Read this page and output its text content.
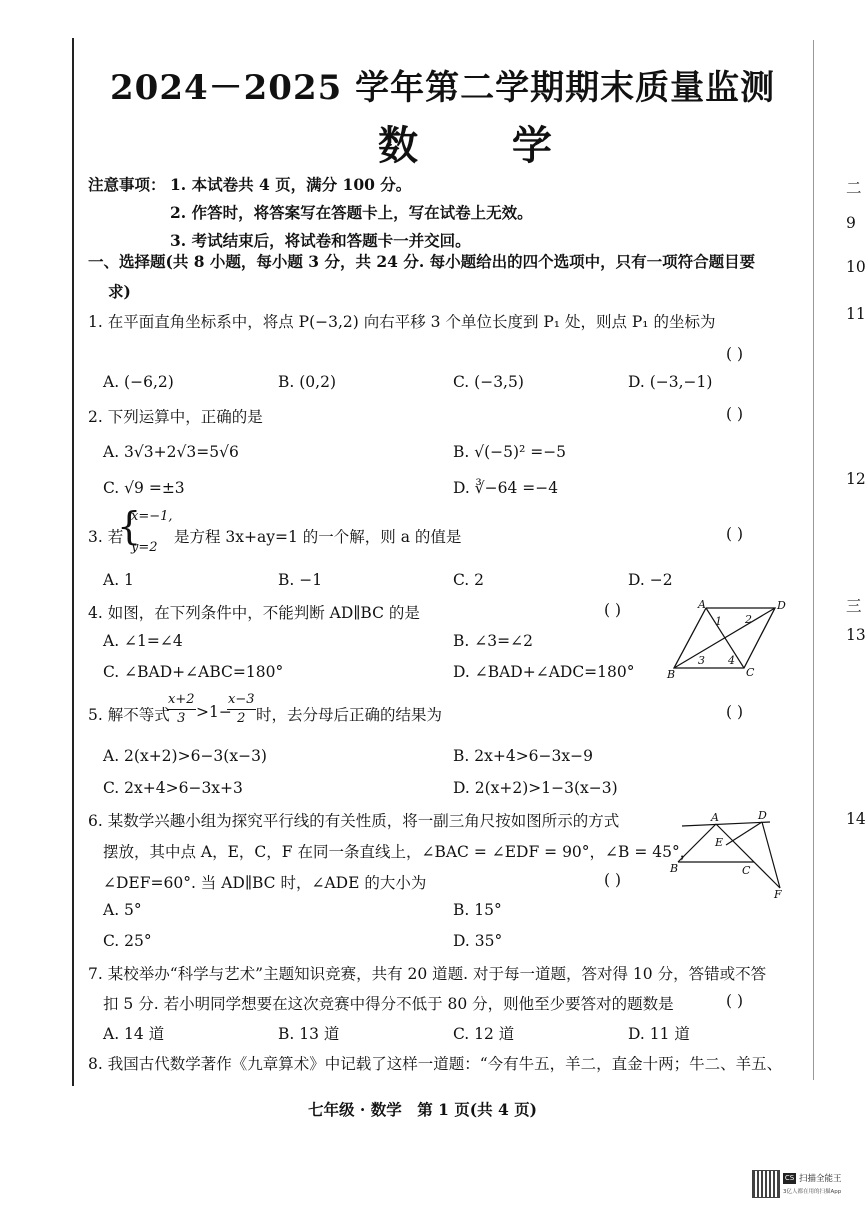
2024－2025 学年第二学期期末质量监测
数 学
注意事项： 1. 本试卷共 4 页，满分 100 分。
2. 作答时，将答案写在答题卡上，写在试卷上无效。
3. 考试结束后，将试卷和答题卡一并交回。
一、选择题(共 8 小题，每小题 3 分，共 24 分. 每小题给出的四个选项中，只有一项符合题目要
求)
1. 在平面直角坐标系中，将点 P(−3,2) 向右平移 3 个单位长度到 P₁ 处，则点 P₁ 的坐标为
( )
A. (−6,2)	B. (0,2)	C. (−3,5)	D. (−3,−1)
2. 下列运算中，正确的是	( )
A. 3√3+2√3=5√6	B. √(−5)² =−5
C. √9 =±3	D. ∛−64 =−4
3. 若
{
x=−1,
y=2
是方程 3x+ay=1 的一个解，则 a 的值是	( )
A. 1	B. −1	C. 2	D. −2
4. 如图，在下列条件中，不能判断 AD∥BC 的是	( )
A. ∠1=∠4	B. ∠3=∠2
C. ∠BAD+∠ABC=180°	D. ∠BAD+∠ADC=180°
A	D
B	C
1 2
3 4
5. 解不等式
$\frac{x+2}{3} >1-$
$\frac{x-3}{2}$ 时，去分母后正确的结果为	( )
A. 2(x+2)>6−3(x−3)	B. 2x+4>6−3x−9
C. 2x+4>6−3x+3	D. 2(x+2)>1−3(x−3)
6. 某数学兴趣小组为探究平行线的有关性质，将一副三角尺按如图所示的方式
摆放，其中点 A，E，C，F 在同一条直线上，∠BAC = ∠EDF = 90°，∠B = 45°，
∠DEF=60°. 当 AD∥BC 时，∠ADE 的大小为	( )
A. 5°	B. 15°
C. 25°	D. 35°
A	D
E
B	C
F
7. 某校举办“科学与艺术”主题知识竞赛，共有 20 道题. 对于每一道题，答对得 10 分，答错或不答
扣 5 分. 若小明同学想要在这次竞赛中得分不低于 80 分，则他至少要答对的题数是	( )
A. 14 道	B. 13 道	C. 12 道	D. 11 道
8. 我国古代数学著作《九章算术》中记载了这样一道题：“今有牛五，羊二，直金十两；牛二、羊五、
七年级 · 数学　第 1 页(共 4 页)
CS 扫描全能王
3亿人都在用的扫描App
二
9
10
11
12
三
13
14
